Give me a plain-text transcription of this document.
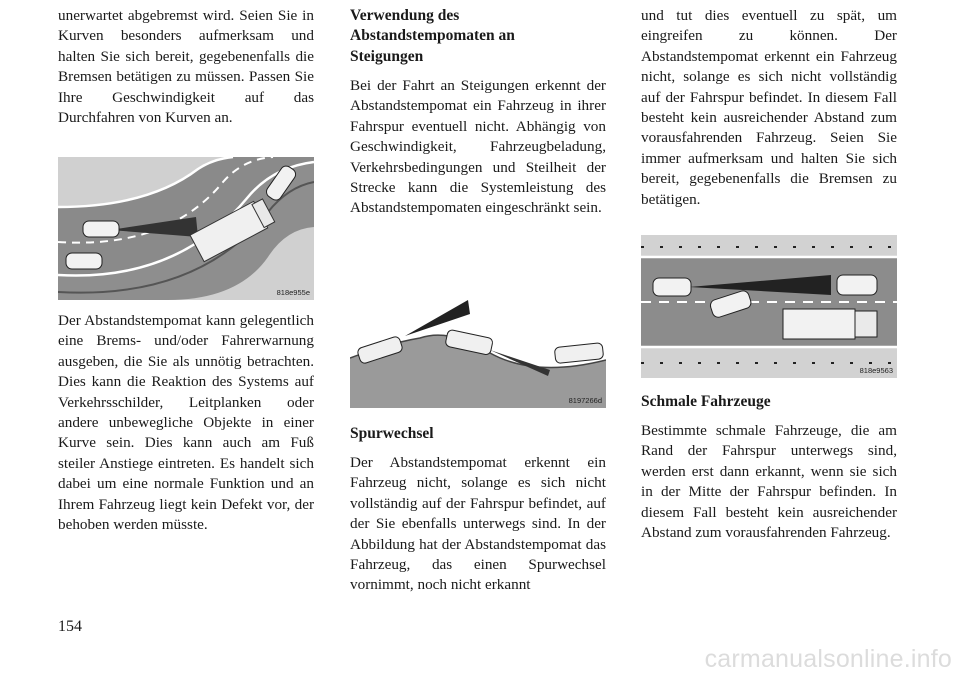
unerwartet abgebremst wird. Seien Sie in Kurven besonders aufmerksam und halten Sie sich bereit, gegebenenfalls die Bremsen betätigen zu müssen. Passen Sie Ihre Geschwindigkeit auf das Durchfahren von Kurven an.

818e955e

Der Abstandstempomat kann gelegentlich eine Brems- und/oder Fahrerwarnung ausgeben, die Sie als unnötig betrachten. Dies kann die Reaktion des Systems auf Verkehrsschilder, Leitplanken oder andere unbewegliche Objekte in einer Kurve sein. Dies kann auch am Fuß steiler Anstiege eintreten. Es handelt sich dabei um eine normale Funktion und an Ihrem Fahrzeug liegt kein Defekt vor, der behoben werden müsste.

Verwendung des Abstandstempomaten an Steigungen

Bei der Fahrt an Steigungen erkennt der Abstandstempomat ein Fahrzeug in ihrer Fahrspur eventuell nicht. Abhängig von Geschwindigkeit, Fahrzeugbeladung, Verkehrsbedingungen und Steilheit der Strecke kann die Systemleistung des Abstandstempomaten eingeschränkt sein.

8197266d

Spurwechsel

Der Abstandstempomat erkennt ein Fahrzeug nicht, solange es sich nicht vollständig auf der Fahrspur befindet, auf der Sie ebenfalls unterwegs sind. In der Abbildung hat der Abstandstempomat das Fahrzeug, das einen Spurwechsel vornimmt, noch nicht erkannt

und tut dies eventuell zu spät, um eingreifen zu können. Der Abstandstempomat erkennt ein Fahrzeug nicht, solange es sich nicht vollständig auf der Fahrspur befindet. In diesem Fall besteht kein ausreichender Abstand zum vorausfahrenden Fahrzeug. Seien Sie immer aufmerksam und halten Sie sich bereit, gegebenenfalls die Bremsen zu betätigen.

818e9563

Schmale Fahrzeuge

Bestimmte schmale Fahrzeuge, die am Rand der Fahrspur unterwegs sind, werden erst dann erkannt, wenn sie sich in der Mitte der Fahrspur befinden. In diesem Fall besteht kein ausreichender Abstand zum vorausfahrenden Fahrzeug.

154
carmanualsonline.info
